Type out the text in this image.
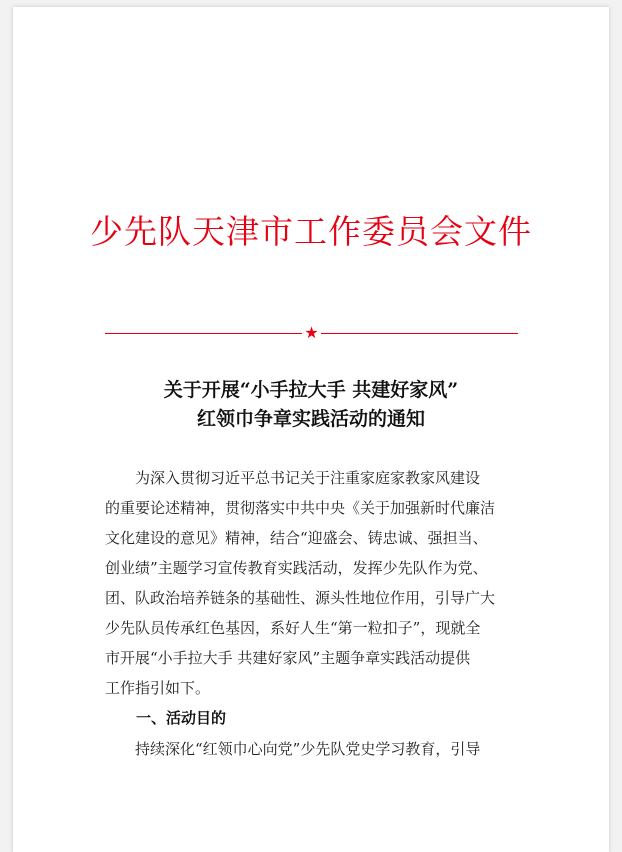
少先队天津市工作委员会文件
★
关于开展“小手拉大手 共建好家风”
红领巾争章实践活动的通知
　　为深入贯彻习近平总书记关于注重家庭家教家风建设
的重要论述精神，贯彻落实中共中央《关于加强新时代廉洁
文化建设的意见》精神，结合“迎盛会、铸忠诚、强担当、
创业绩”主题学习宣传教育实践活动，发挥少先队作为党、
团、队政治培养链条的基础性、源头性地位作用，引导广大
少先队员传承红色基因，系好人生“第一粒扣子”，现就全
市开展“小手拉大手 共建好家风”主题争章实践活动提供
工作指引如下。
一、活动目的
　　持续深化“红领巾心向党”少先队党史学习教育，引导
